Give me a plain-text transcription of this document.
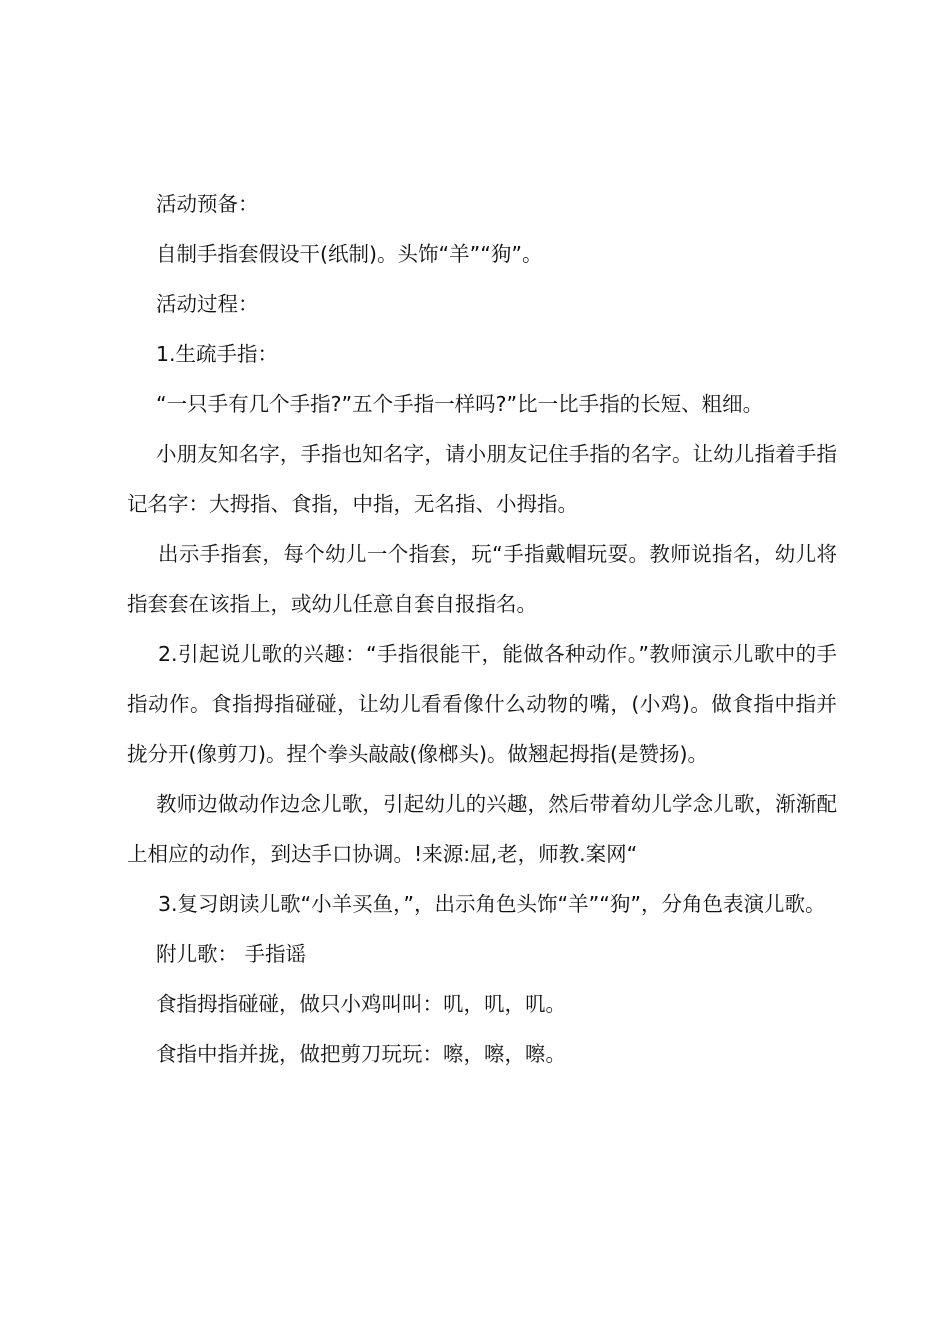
活动预备：

自制手指套假设干(纸制)。头饰“羊”“狗”。

活动过程：

1.生疏手指：

“一只手有几个手指?”五个手指一样吗?”比一比手指的长短、粗细。

小朋友知名字，手指也知名字，请小朋友记住手指的名字。让幼儿指着手指记名字：大拇指、食指，中指，无名指、小拇指。

出示手指套，每个幼儿一个指套，玩“手指戴帽玩耍。教师说指名，幼儿将指套套在该指上，或幼儿任意自套自报指名。

2.引起说儿歌的兴趣：“手指很能干，能做各种动作。”教师演示儿歌中的手指动作。食指拇指碰碰，让幼儿看看像什么动物的嘴，(小鸡)。做食指中指并拢分开(像剪刀)。捏个拳头敲敲(像榔头)。做翘起拇指(是赞扬)。

教师边做动作边念儿歌，引起幼儿的兴趣，然后带着幼儿学念儿歌，渐渐配上相应的动作，到达手口协调。!来源:屈,老，师教.案网“

3.复习朗读儿歌“小羊买鱼，”，出示角色头饰“羊”“狗”，分角色表演儿歌。

附儿歌： 手指谣

食指拇指碰碰，做只小鸡叫叫：叽，叽，叽。

食指中指并拢，做把剪刀玩玩：嚓，嚓，嚓。
